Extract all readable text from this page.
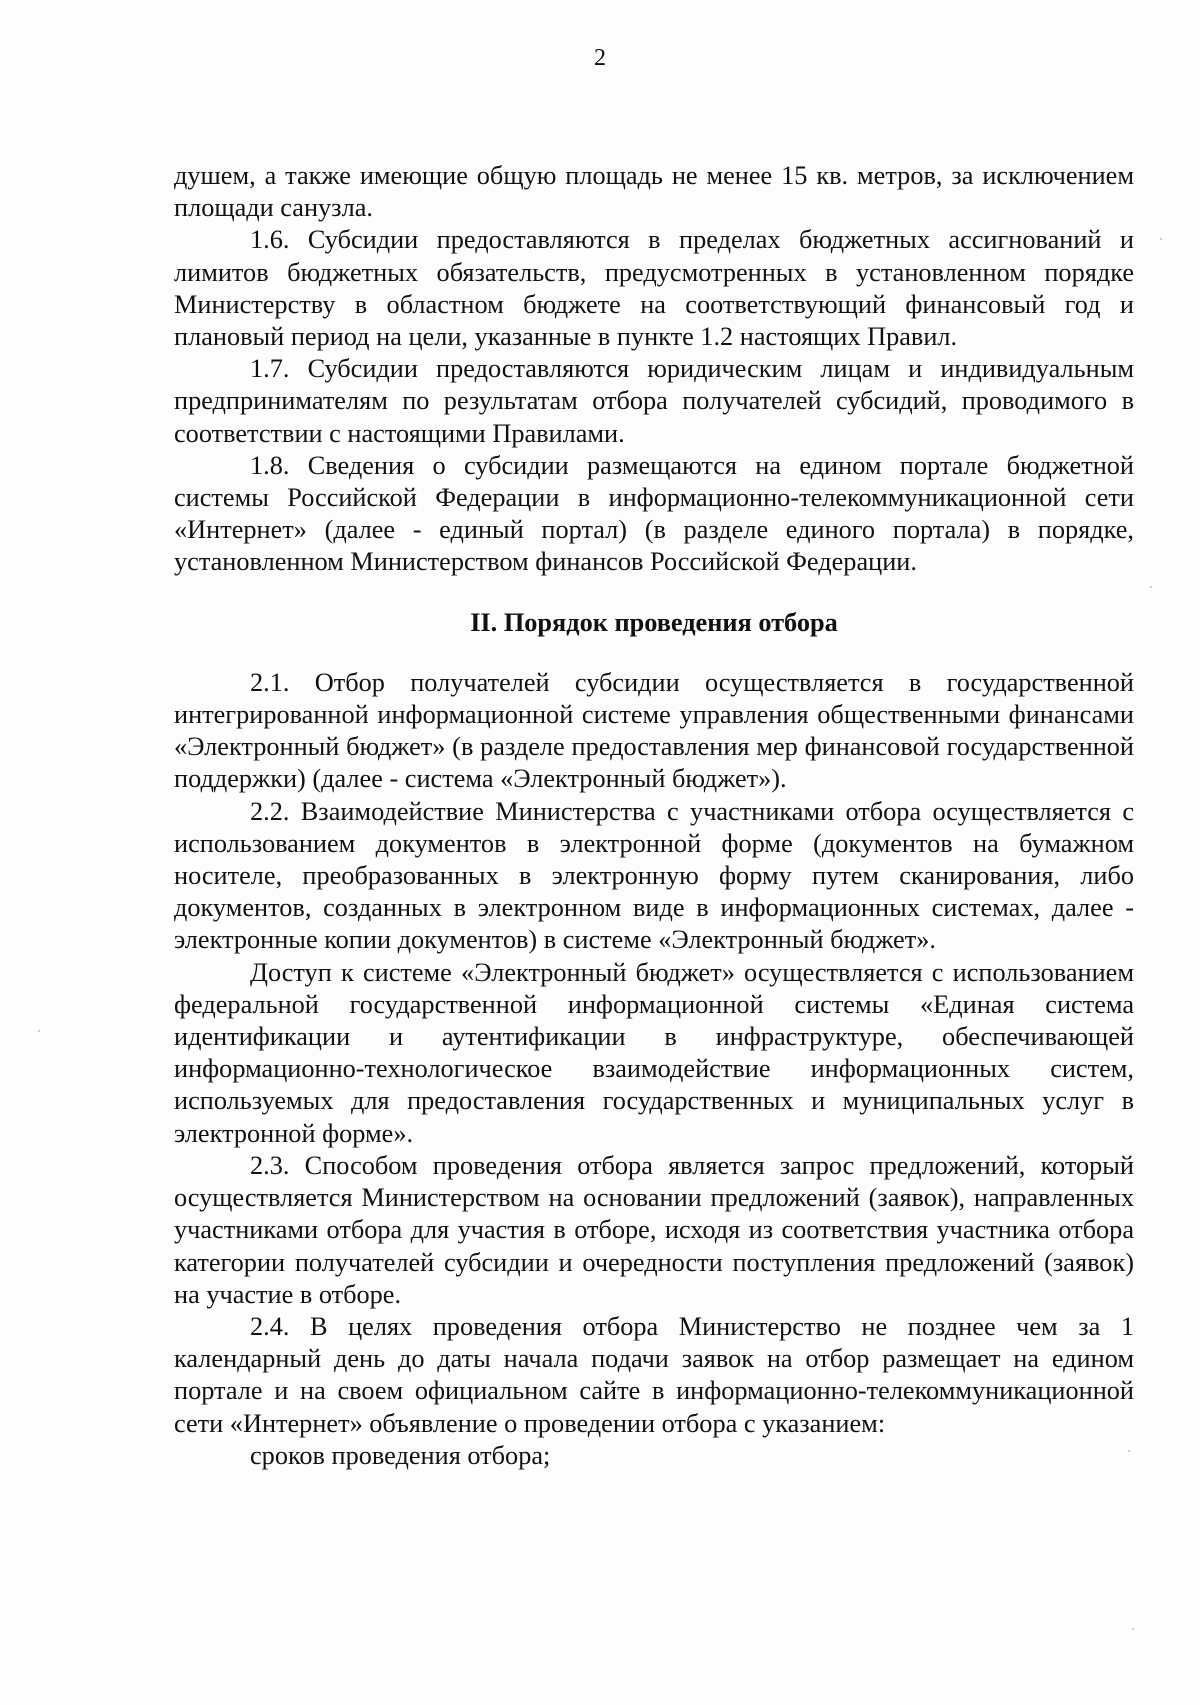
2

душем, а также имеющие общую площадь не менее 15 кв. метров, за исключением площади санузла.

1.6. Субсидии предоставляются в пределах бюджетных ассигнований и лимитов бюджетных обязательств, предусмотренных в установленном порядке Министерству в областном бюджете на соответствующий финансовый год и плановый период на цели, указанные в пункте 1.2 настоящих Правил.

1.7. Субсидии предоставляются юридическим лицам и индивидуальным предпринимателям по результатам отбора получателей субсидий, проводимого в соответствии с настоящими Правилами.

1.8. Сведения о субсидии размещаются на едином портале бюджетной системы Российской Федерации в информационно-телекоммуникационной сети «Интернет» (далее - единый портал) (в разделе единого портала) в порядке, установленном Министерством финансов Российской Федерации.

II. Порядок проведения отбора

2.1. Отбор получателей субсидии осуществляется в государственной интегрированной информационной системе управления общественными финансами «Электронный бюджет» (в разделе предоставления мер финансовой государственной поддержки) (далее - система «Электронный бюджет»).

2.2. Взаимодействие Министерства с участниками отбора осуществляется с использованием документов в электронной форме (документов на бумажном носителе, преобразованных в электронную форму путем сканирования, либо документов, созданных в электронном виде в информационных системах, далее - электронные копии документов) в системе «Электронный бюджет».

Доступ к системе «Электронный бюджет» осуществляется с использованием федеральной государственной информационной системы «Единая система идентификации и аутентификации в инфраструктуре, обеспечивающей информационно-технологическое взаимодействие информационных систем, используемых для предоставления государственных и муниципальных услуг в электронной форме».

2.3. Способом проведения отбора является запрос предложений, который осуществляется Министерством на основании предложений (заявок), направленных участниками отбора для участия в отборе, исходя из соответствия участника отбора категории получателей субсидии и очередности поступления предложений (заявок) на участие в отборе.

2.4. В целях проведения отбора Министерство не позднее чем за 1 календарный день до даты начала подачи заявок на отбор размещает на едином портале и на своем официальном сайте в информационно-телекоммуникационной сети «Интернет» объявление о проведении отбора с указанием:

сроков проведения отбора;
